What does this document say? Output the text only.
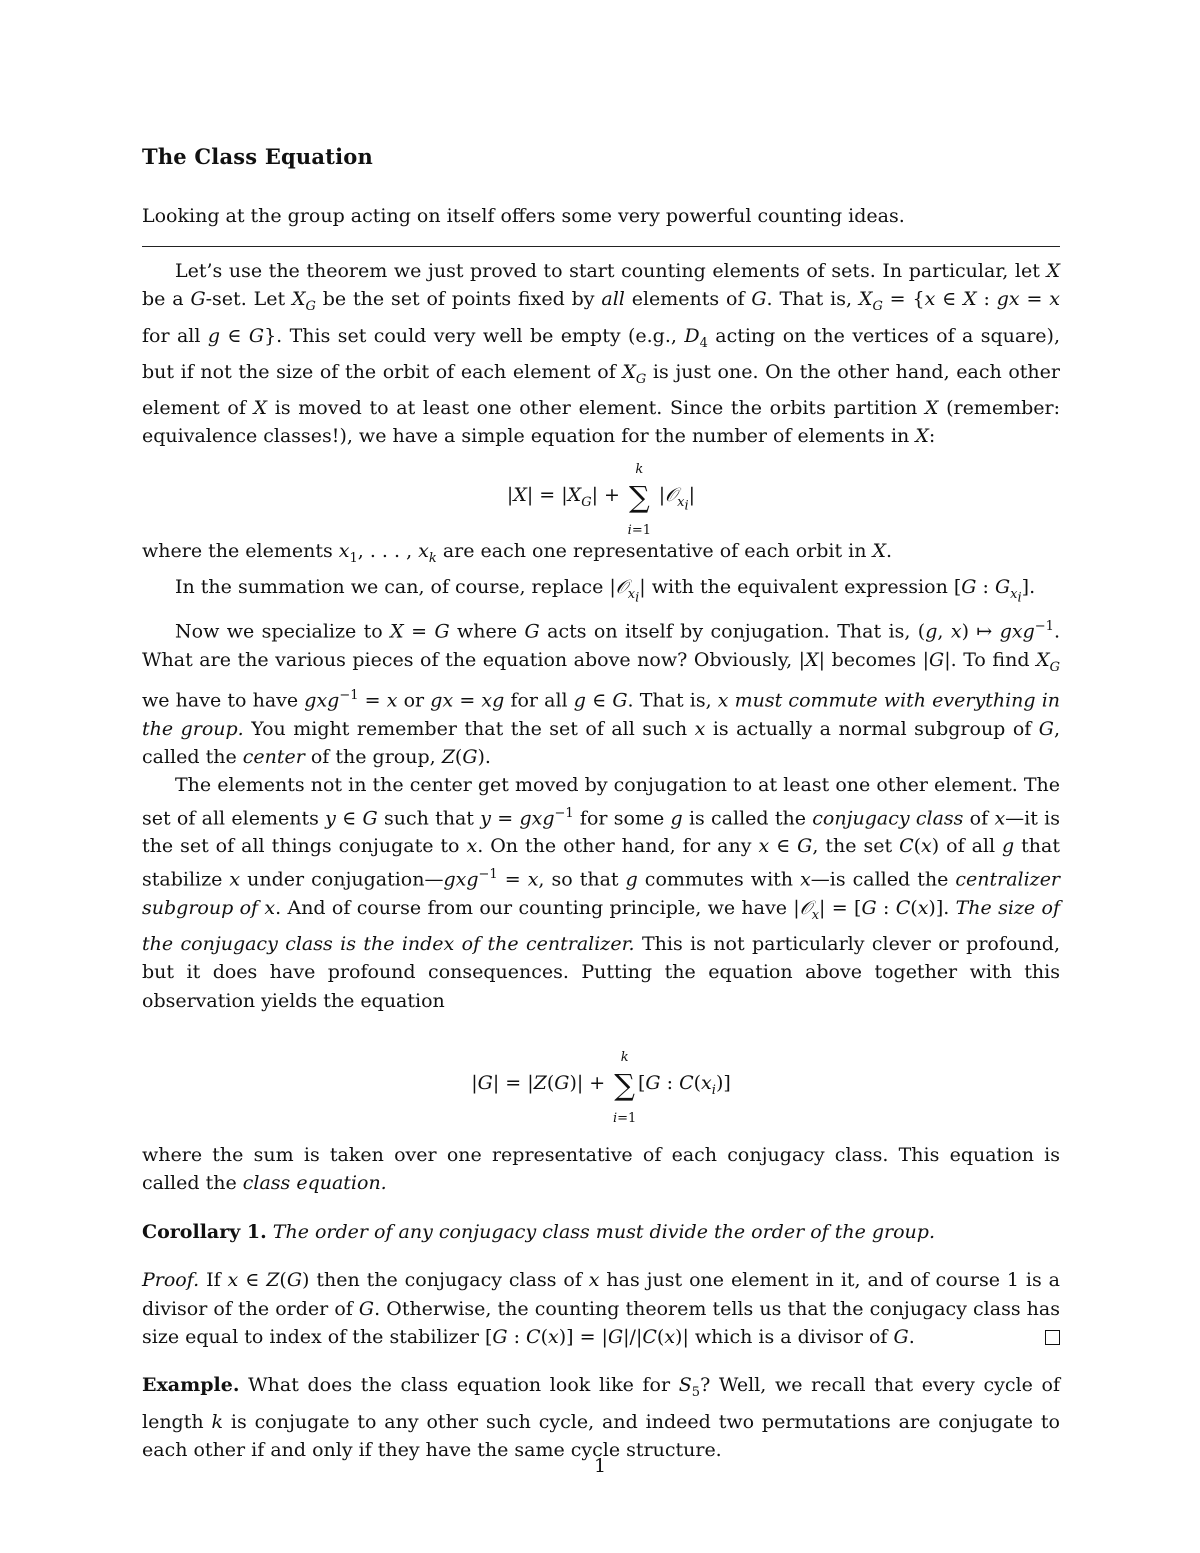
The Class Equation
Looking at the group acting on itself offers some very powerful counting ideas.

Let’s use the theorem we just proved to start counting elements of sets. In particular, let X be a G-set. Let $X_G$ be the set of points fixed by all elements of G. That is, $X_G = \{x$ ∈ X : gx = x for all g ∈ G}. This set could very well be empty (e.g., $D_4$ acting on the vertices of a square), but if not the size of the orbit of each element of $X_G$ is just one. On the other hand, each other element of X is moved to at least one other element. Since the orbits partition X (remember: equivalence classes!), we have a simple equation for the number of elements in X:

$|X| = |X_G|$ + ∑
k
i=1
|𝒪$_{x_i}$|

where the elements $x_1$, . . . , $x_k$ are each one representative of each orbit in X.

In the summation we can, of course, replace |𝒪$_{x_i}$| with the equivalent expression [G : $G_{x_i}$].

Now we specialize to X = G where G acts on itself by conjugation. That is, (g, x) ↦ gxg$^{-1}$. What are the various pieces of the equation above now? Obviously, |X| becomes |G|. To find $X_G$ we have to have gxg$^{-1}$ = x or gx = xg for all g ∈ G. That is, x must commute with everything in the group. You might remember that the set of all such x is actually a normal subgroup of G, called the center of the group, Z(G).

The elements not in the center get moved by conjugation to at least one other element. The set of all elements y ∈ G such that y = gxg$^{-1}$ for some g is called the conjugacy class of x—it is the set of all things conjugate to x. On the other hand, for any x ∈ G, the set C(x) of all g that stabilize x under conjugation—gxg$^{-1}$ = x, so that g commutes with x—is called the centralizer subgroup of x. And of course from our counting principle, we have |𝒪$_x$| = [G : C(x)]. The size of the conjugacy class is the index of the centralizer. This is not particularly clever or profound, but it does have profound consequences. Putting the equation above together with this observation yields the equation

|G| = |Z(G)| + ∑
k
i=1
[G : $C(x_i)$]

where the sum is taken over one representative of each conjugacy class. This equation is called the class equation.

Corollary 1. The order of any conjugacy class must divide the order of the group.

Proof. If x ∈ Z(G) then the conjugacy class of x has just one element in it, and of course 1 is a divisor of the order of G. Otherwise, the counting theorem tells us that the conjugacy class has size equal to index of the stabilizer [G : C(x)] = |G|/|C(x)| which is a divisor of G.

Example. What does the class equation look like for $S_5$? Well, we recall that every cycle of length k is conjugate to any other such cycle, and indeed two permutations are conjugate to each other if and only if they have the same cycle structure.

1
